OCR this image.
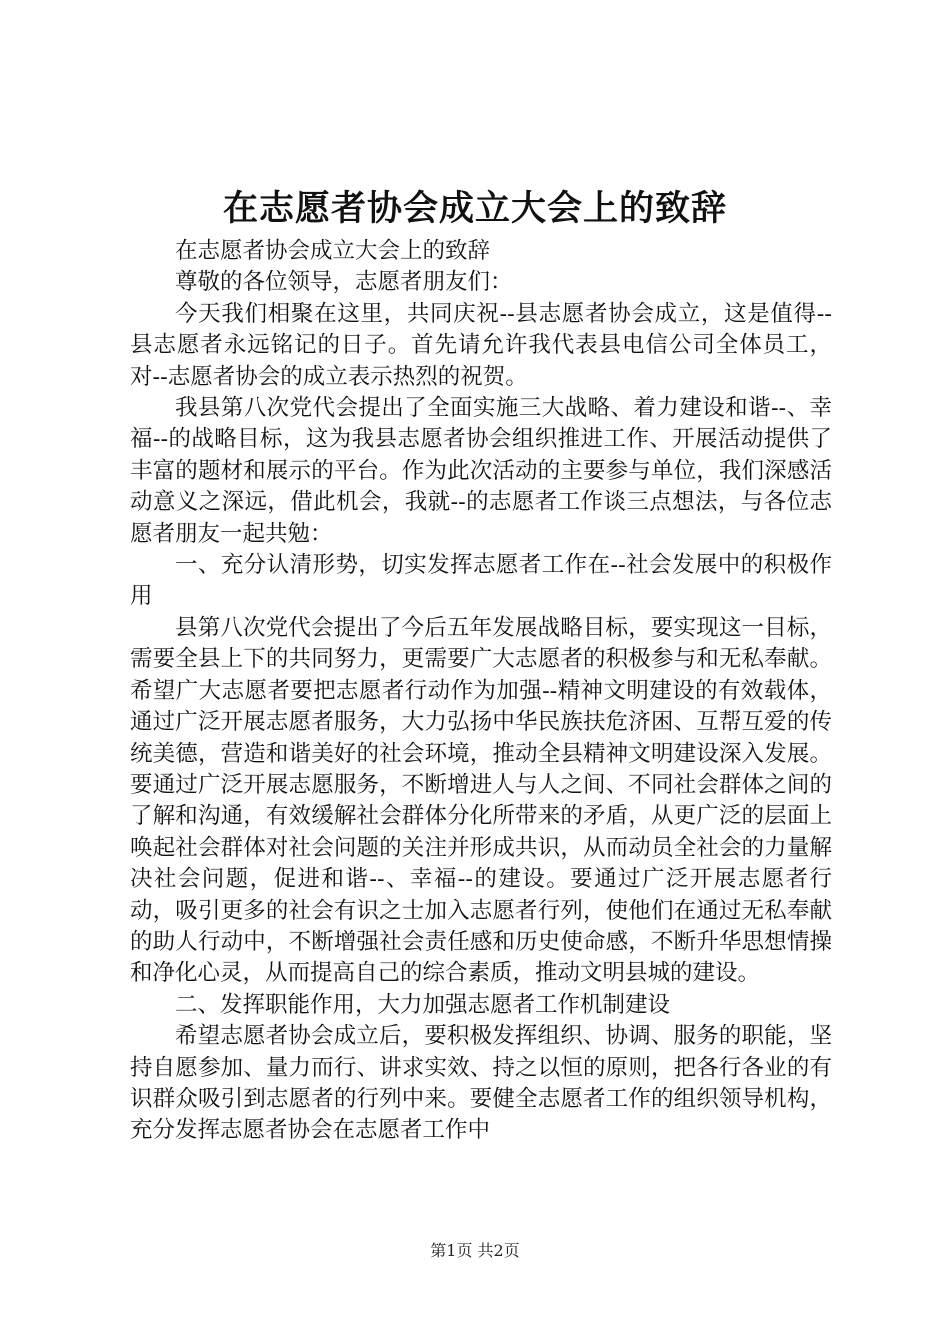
在志愿者协会成立大会上的致辞

在志愿者协会成立大会上的致辞

尊敬的各位领导，志愿者朋友们：

今天我们相聚在这里，共同庆祝--县志愿者协会成立，这是值得--县志愿者永远铭记的日子。首先请允许我代表县电信公司全体员工，对--志愿者协会的成立表示热烈的祝贺。

我县第八次党代会提出了全面实施三大战略、着力建设和谐--、幸福--的战略目标，这为我县志愿者协会组织推进工作、开展活动提供了丰富的题材和展示的平台。作为此次活动的主要参与单位，我们深感活动意义之深远，借此机会，我就--的志愿者工作谈三点想法，与各位志愿者朋友一起共勉：

一、充分认清形势，切实发挥志愿者工作在--社会发展中的积极作用

县第八次党代会提出了今后五年发展战略目标，要实现这一目标，需要全县上下的共同努力，更需要广大志愿者的积极参与和无私奉献。希望广大志愿者要把志愿者行动作为加强--精神文明建设的有效载体，通过广泛开展志愿者服务，大力弘扬中华民族扶危济困、互帮互爱的传统美德，营造和谐美好的社会环境，推动全县精神文明建设深入发展。要通过广泛开展志愿服务，不断增进人与人之间、不同社会群体之间的了解和沟通，有效缓解社会群体分化所带来的矛盾，从更广泛的层面上唤起社会群体对社会问题的关注并形成共识，从而动员全社会的力量解决社会问题，促进和谐--、幸福--的建设。要通过广泛开展志愿者行动，吸引更多的社会有识之士加入志愿者行列，使他们在通过无私奉献的助人行动中，不断增强社会责任感和历史使命感，不断升华思想情操和净化心灵，从而提高自己的综合素质，推动文明县城的建设。

二、发挥职能作用，大力加强志愿者工作机制建设

希望志愿者协会成立后，要积极发挥组织、协调、服务的职能，坚持自愿参加、量力而行、讲求实效、持之以恒的原则，把各行各业的有识群众吸引到志愿者的行列中来。要健全志愿者工作的组织领导机构，充分发挥志愿者协会在志愿者工作中

第1页 共2页
